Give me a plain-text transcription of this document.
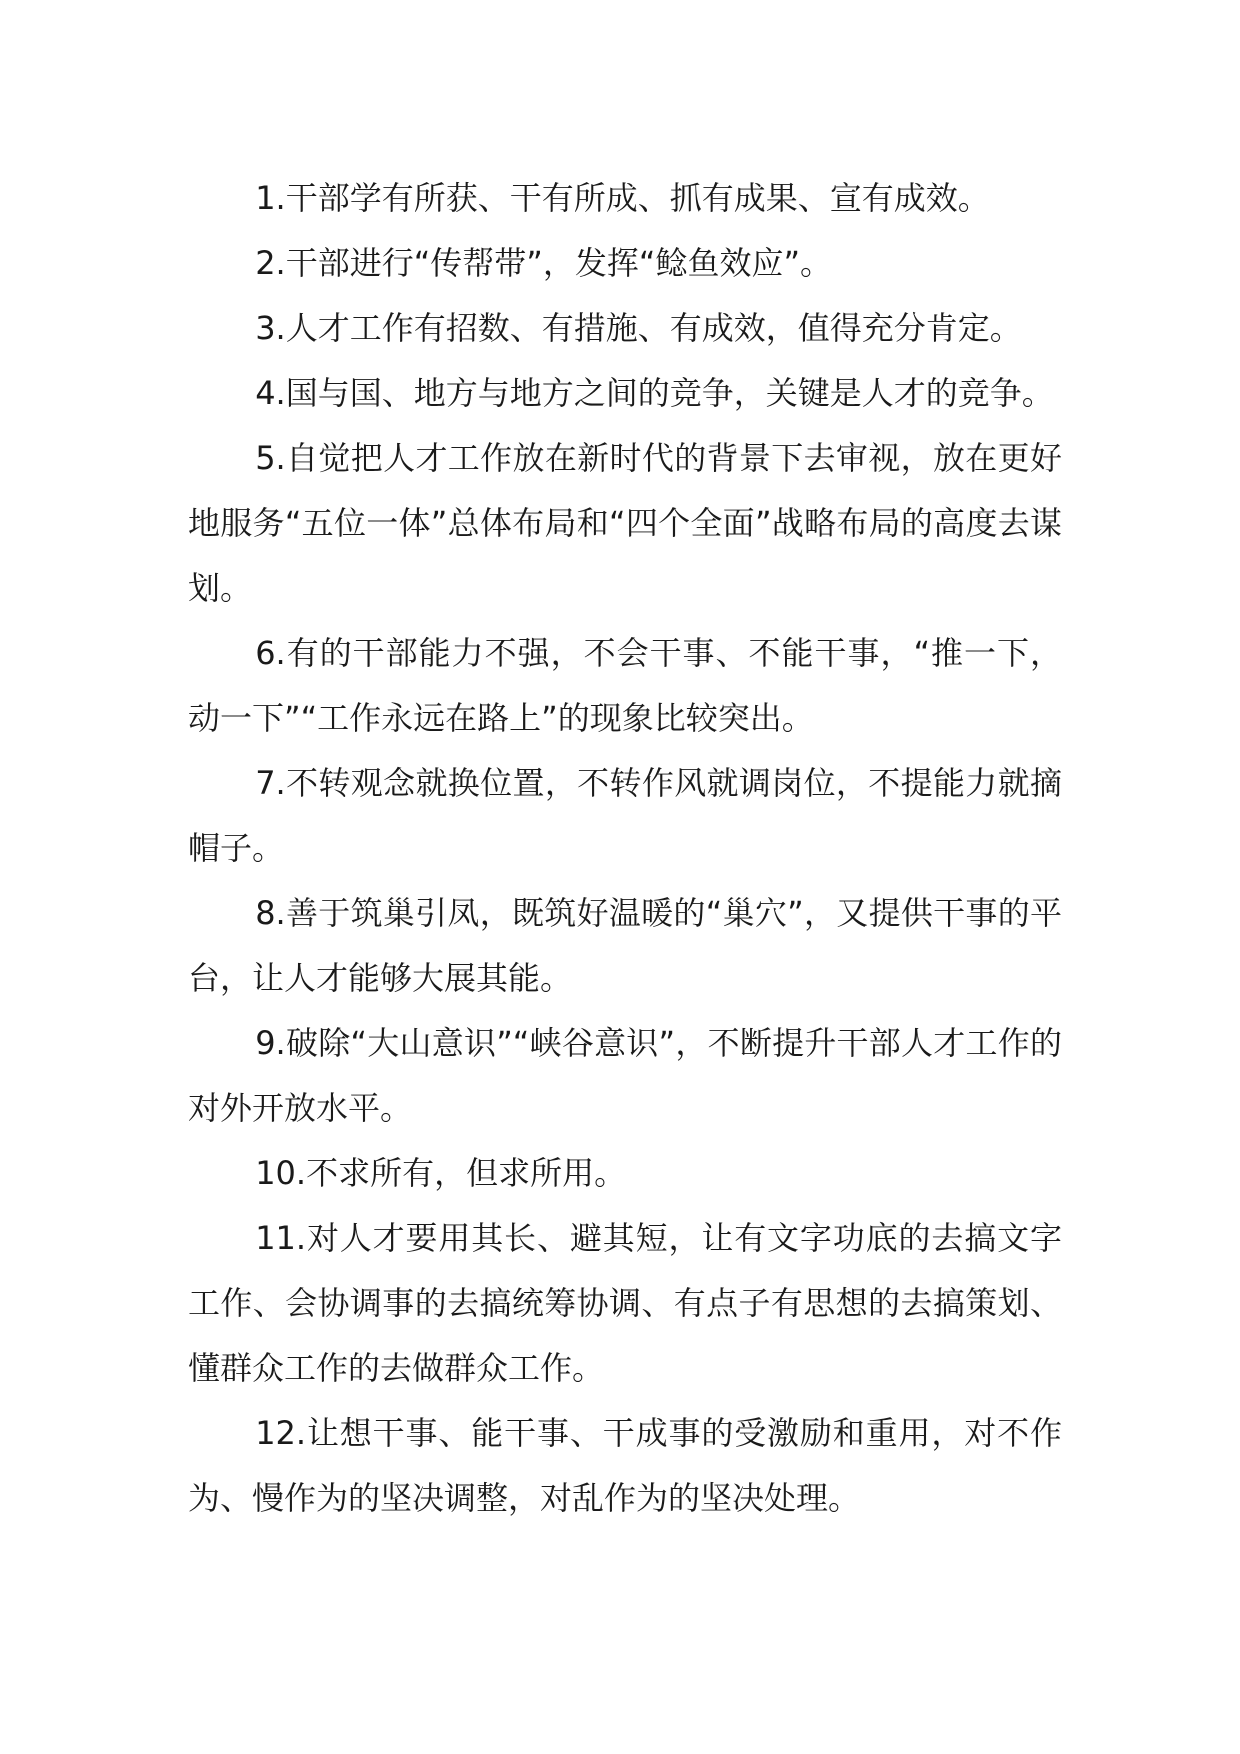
1.干部学有所获、干有所成、抓有成果、宣有成效。

2.干部进行“传帮带”，发挥“鲶鱼效应”。

3.人才工作有招数、有措施、有成效，值得充分肯定。

4.国与国、地方与地方之间的竞争，关键是人才的竞争。

5.自觉把人才工作放在新时代的背景下去审视，放在更好地服务“五位一体”总体布局和“四个全面”战略布局的高度去谋划。

6.有的干部能力不强，不会干事、不能干事，“推一下，动一下”“工作永远在路上”的现象比较突出。

7.不转观念就换位置，不转作风就调岗位，不提能力就摘帽子。

8.善于筑巢引凤，既筑好温暖的“巢穴”，又提供干事的平台，让人才能够大展其能。

9.破除“大山意识”“峡谷意识”，不断提升干部人才工作的对外开放水平。

10.不求所有，但求所用。

11.对人才要用其长、避其短，让有文字功底的去搞文字工作、会协调事的去搞统筹协调、有点子有思想的去搞策划、懂群众工作的去做群众工作。

12.让想干事、能干事、干成事的受激励和重用，对不作为、慢作为的坚决调整，对乱作为的坚决处理。
